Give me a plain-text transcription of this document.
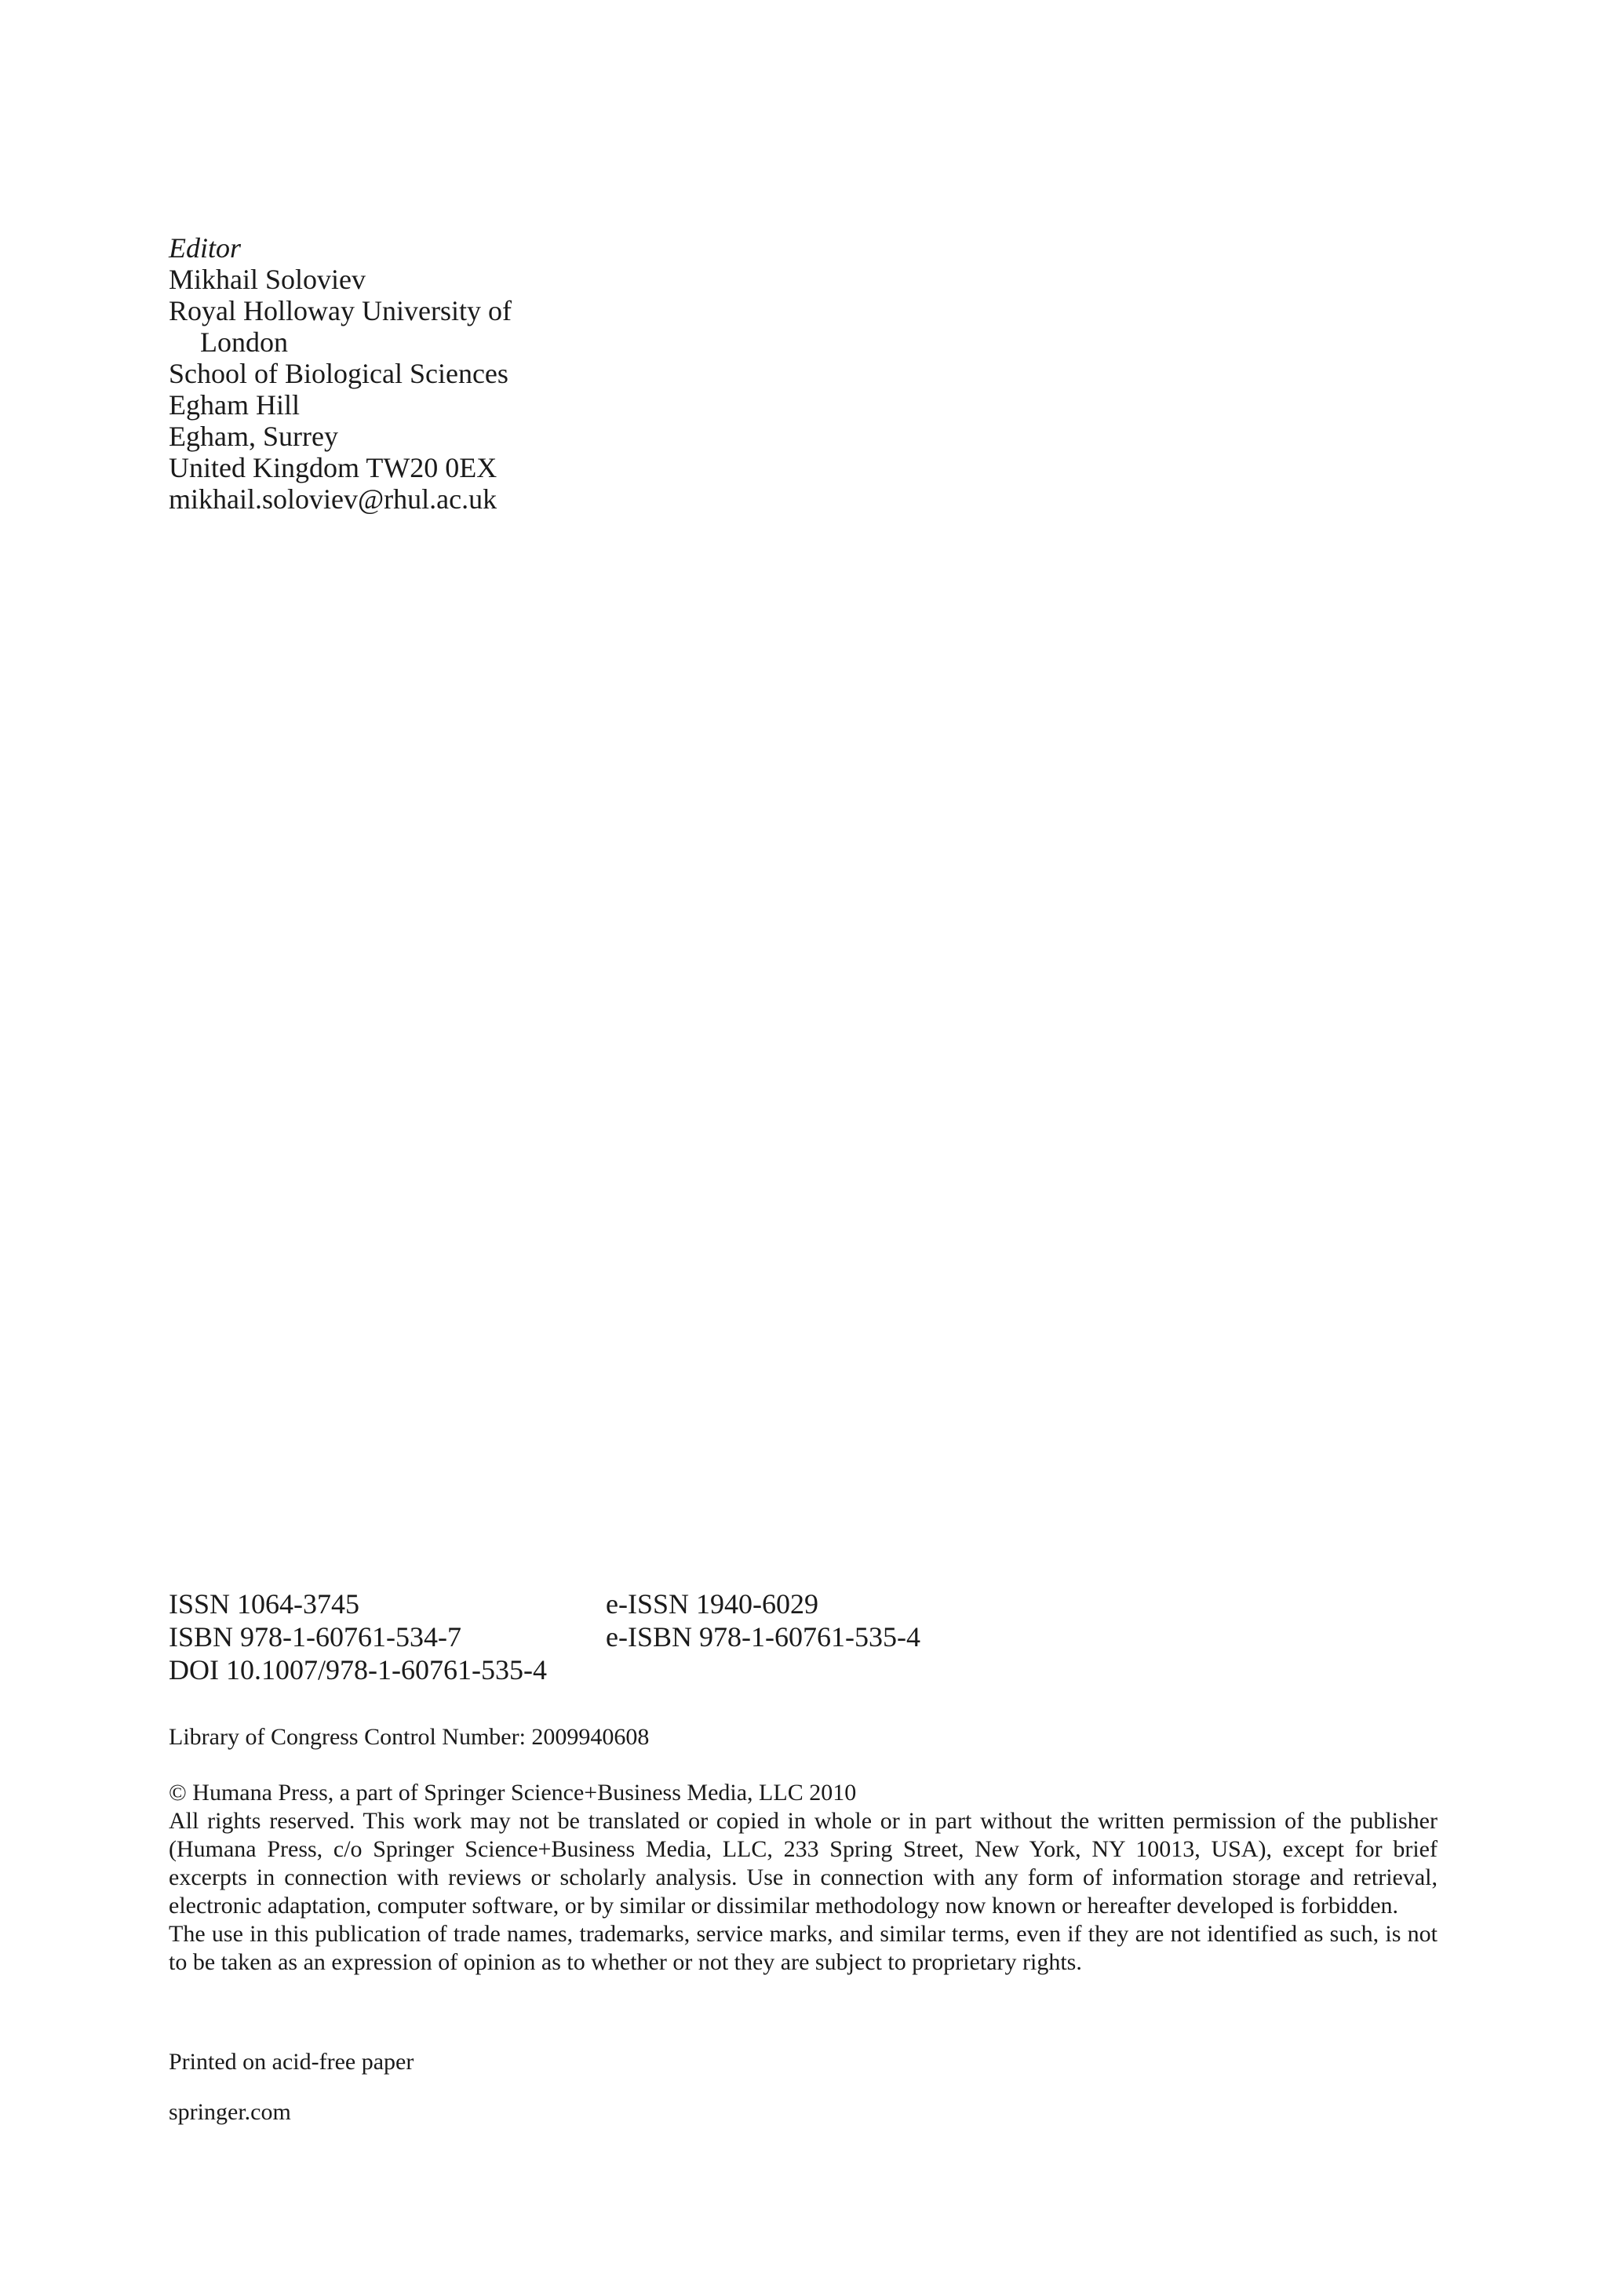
Editor
Mikhail Soloviev
Royal Holloway University of
London
School of Biological Sciences
Egham Hill
Egham, Surrey
United Kingdom TW20 0EX
mikhail.soloviev@rhul.ac.uk
ISSN 1064-3745	e-ISSN 1940-6029
ISBN 978-1-60761-534-7	e-ISBN 978-1-60761-535-4
DOI 10.1007/978-1-60761-535-4
Library of Congress Control Number: 2009940608

© Humana Press, a part of Springer Science+Business Media, LLC 2010

All rights reserved. This work may not be translated or copied in whole or in part without the written permission of the publisher (Humana Press, c/o Springer Science+Business Media, LLC, 233 Spring Street, New York, NY 10013, USA), except for brief excerpts in connection with reviews or scholarly analysis. Use in connection with any form of information storage and retrieval, electronic adaptation, computer software, or by similar or dissimilar methodology now known or hereafter developed is forbidden.

The use in this publication of trade names, trademarks, service marks, and similar terms, even if they are not identified as such, is not to be taken as an expression of opinion as to whether or not they are subject to proprietary rights.

Printed on acid-free paper
springer.com
